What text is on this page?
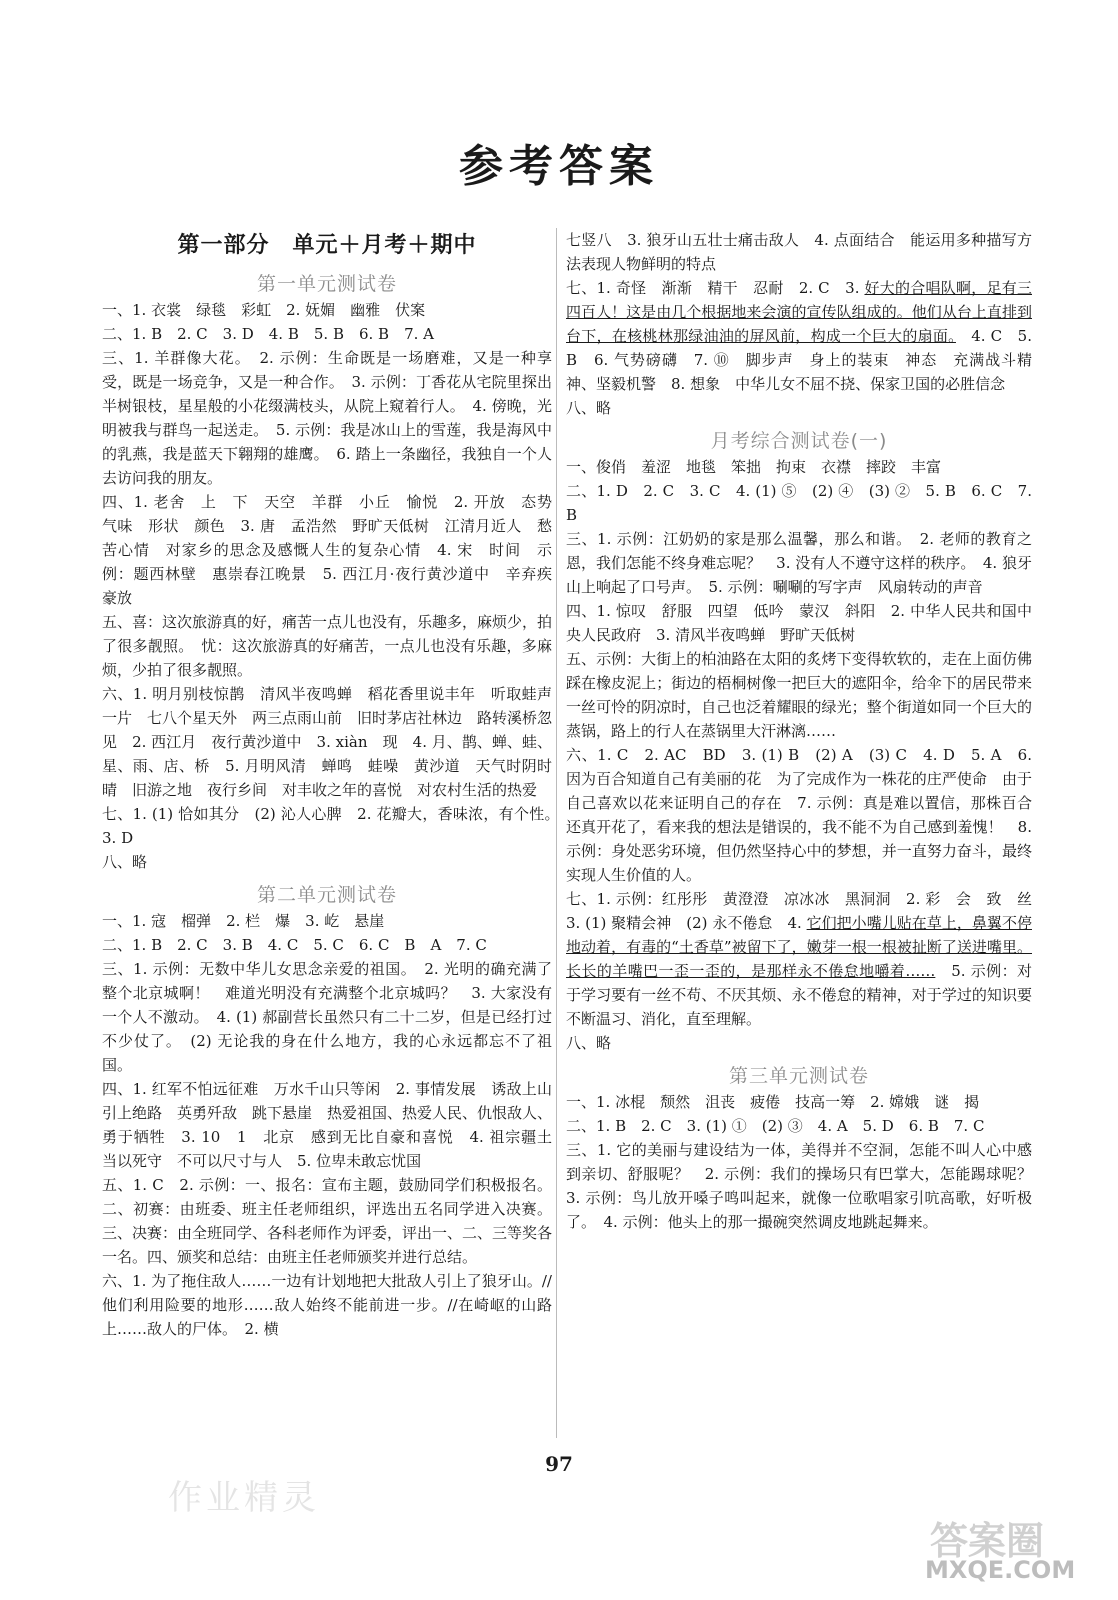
参考答案
第一部分　单元＋月考＋期中
第一单元测试卷

一、1. 衣裳　绿毯　彩虹　2. 妩媚　幽雅　伏案

二、1. B　2. C　3. D　4. B　5. B　6. B　7. A

三、1. 羊群像大花。　2. 示例：生命既是一场磨难，又是一种享受，既是一场竞争，又是一种合作。　3. 示例：丁香花从宅院里探出半树银枝，星星般的小花缀满枝头，从院上窥着行人。　4. 傍晚，光明被我与群鸟一起送走。　5. 示例：我是冰山上的雪莲，我是海风中的乳燕，我是蓝天下翱翔的雄鹰。　6. 踏上一条幽径，我独自一个人去访问我的朋友。

四、1. 老舍　上　下　天空　羊群　小丘　愉悦　2. 开放　态势　气味　形状　颜色　3. 唐　孟浩然　野旷天低树　江清月近人　愁苦心情　对家乡的思念及感慨人生的复杂心情　4. 宋　时间　示例：题西林壁　惠崇春江晚景　5. 西江月·夜行黄沙道中　辛弃疾　豪放

五、喜：这次旅游真的好，痛苦一点儿也没有，乐趣多，麻烦少，拍了很多靓照。　忧：这次旅游真的好痛苦，一点儿也没有乐趣，多麻烦，少拍了很多靓照。

六、1. 明月别枝惊鹊　清风半夜鸣蝉　稻花香里说丰年　听取蛙声一片　七八个星天外　两三点雨山前　旧时茅店社林边　路转溪桥忽见　2. 西江月　夜行黄沙道中　3. xiàn　现　4. 月、鹊、蝉、蛙、星、雨、店、桥　5. 月明风清　蝉鸣　蛙噪　黄沙道　天气时阴时晴　旧游之地　夜行乡间　对丰收之年的喜悦　对农村生活的热爱

七、1. (1) 恰如其分　(2) 沁人心脾　2. 花瓣大，香味浓，有个性。　3. D

八、略

第二单元测试卷

一、1. 寇　榴弹　2. 栏　爆　3. 屹　悬崖

二、1. B　2. C　3. B　4. C　5. C　6. C　B　A　7. C

三、1. 示例：无数中华儿女思念亲爱的祖国。　2. 光明的确充满了整个北京城啊！　难道光明没有充满整个北京城吗？　3. 大家没有一个人不激动。　4. (1) 郝副营长虽然只有二十二岁，但是已经打过不少仗了。　(2) 无论我的身在什么地方，我的心永远都忘不了祖国。

四、1. 红军不怕远征难　万水千山只等闲　2. 事情发展　诱敌上山　引上绝路　英勇歼敌　跳下悬崖　热爱祖国、热爱人民、仇恨敌人、勇于牺牲　3. 10　1　北京　感到无比自豪和喜悦　4. 祖宗疆土　当以死守　不可以尺寸与人　5. 位卑未敢忘忧国

五、1. C　2. 示例：一、报名：宣布主题，鼓励同学们积极报名。二、初赛：由班委、班主任老师组织，评选出五名同学进入决赛。三、决赛：由全班同学、各科老师作为评委，评出一、二、三等奖各一名。四、颁奖和总结：由班主任老师颁奖并进行总结。

六、1. 为了拖住敌人……一边有计划地把大批敌人引上了狼牙山。//他们利用险要的地形……敌人始终不能前进一步。//在崎岖的山路上……敌人的尸体。　2. 横

七竖八　3. 狼牙山五壮士痛击敌人　4. 点面结合　能运用多种描写方法表现人物鲜明的特点

七、1. 奇怪　渐渐　精干　忍耐　2. C　3. 好大的合唱队啊，足有三四百人！这是由几个根据地来会演的宣传队组成的。他们从台上直排到台下，在核桃林那绿油油的屏风前，构成一个巨大的扇面。　4. C　5. B　6. 气势磅礴　7. ⑩　脚步声　身上的装束　神态　充满战斗精神、坚毅机警　8. 想象　中华儿女不屈不挠、保家卫国的必胜信念

八、略

月考综合测试卷(一)

一、俊俏　羞涩　地毯　笨拙　拘束　衣襟　摔跤　丰富

二、1. D　2. C　3. C　4. (1) ⑤　(2) ④　(3) ②　5. B　6. C　7. B

三、1. 示例：江奶奶的家是那么温馨，那么和谐。　2. 老师的教育之恩，我们怎能不终身难忘呢？　3. 没有人不遵守这样的秩序。　4. 狼牙山上响起了口号声。　5. 示例：唰唰的写字声　风扇转动的声音

四、1. 惊叹　舒服　四望　低吟　蒙汉　斜阳　2. 中华人民共和国中央人民政府　3. 清风半夜鸣蝉　野旷天低树

五、示例：大街上的柏油路在太阳的炙烤下变得软软的，走在上面仿佛踩在橡皮泥上；街边的梧桐树像一把巨大的遮阳伞，给伞下的居民带来一丝可怜的阴凉时，自己也泛着耀眼的绿光；整个街道如同一个巨大的蒸锅，路上的行人在蒸锅里大汗淋漓……

六、1. C　2. AC　BD　3. (1) B　(2) A　(3) C　4. D　5. A　6. 因为百合知道自己有美丽的花　为了完成作为一株花的庄严使命　由于自己喜欢以花来证明自己的存在　7. 示例：真是难以置信，那株百合还真开花了，看来我的想法是错误的，我不能不为自己感到羞愧！　8. 示例：身处恶劣环境，但仍然坚持心中的梦想，并一直努力奋斗，最终实现人生价值的人。

七、1. 示例：红彤彤　黄澄澄　凉冰冰　黑洞洞　2. 彩　会　致　丝　3. (1) 聚精会神　(2) 永不倦怠　4. 它们把小嘴儿贴在草上，鼻翼不停地动着，有毒的“土香草”被留下了，嫩芽一根一根被扯断了送进嘴里。长长的羊嘴巴一歪一歪的，是那样永不倦怠地嚼着……　5. 示例：对于学习要有一丝不苟、不厌其烦、永不倦怠的精神，对于学过的知识要不断温习、消化，直至理解。

八、略

第三单元测试卷

一、1. 冰棍　颓然　沮丧　疲倦　技高一筹　2. 嫦娥　谜　揭

二、1. B　2. C　3. (1) ①　(2) ③　4. A　5. D　6. B　7. C

三、1. 它的美丽与建设结为一体，美得并不空洞，怎能不叫人心中感到亲切、舒服呢？　2. 示例：我们的操场只有巴掌大，怎能踢球呢？　3. 示例：鸟儿放开嗓子鸣叫起来，就像一位歌唱家引吭高歌，好听极了。　4. 示例：他头上的那一撮碗突然调皮地跳起舞来。

97
作业精灵
答案圈
MXQE.COM
